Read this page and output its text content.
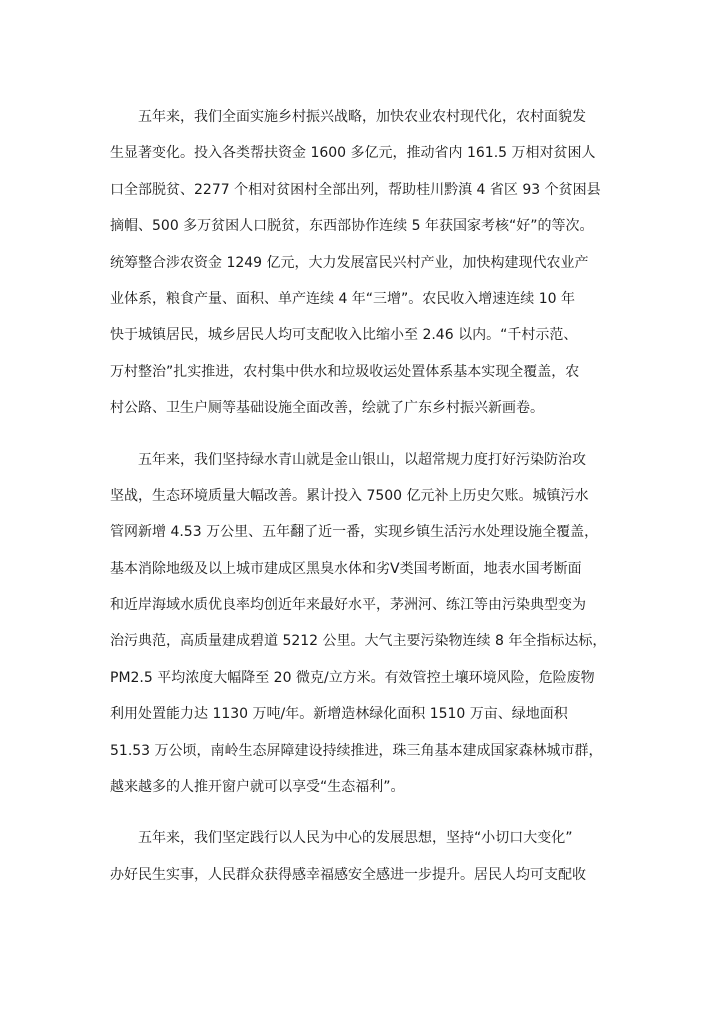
五年来，我们全面实施乡村振兴战略，加快农业农村现代化，农村面貌发
生显著变化。投入各类帮扶资金 1600 多亿元，推动省内 161.5 万相对贫困人
口全部脱贫、2277 个相对贫困村全部出列，帮助桂川黔滇 4 省区 93 个贫困县
摘帽、500 多万贫困人口脱贫，东西部协作连续 5 年获国家考核“好”的等次。
统筹整合涉农资金 1249 亿元，大力发展富民兴村产业，加快构建现代农业产
业体系，粮食产量、面积、单产连续 4 年“三增”。农民收入增速连续 10 年
快于城镇居民，城乡居民人均可支配收入比缩小至 2.46 以内。“千村示范、
万村整治”扎实推进，农村集中供水和垃圾收运处置体系基本实现全覆盖，农
村公路、卫生户厕等基础设施全面改善，绘就了广东乡村振兴新画卷。
五年来，我们坚持绿水青山就是金山银山，以超常规力度打好污染防治攻
坚战，生态环境质量大幅改善。累计投入 7500 亿元补上历史欠账。城镇污水
管网新增 4.53 万公里、五年翻了近一番，实现乡镇生活污水处理设施全覆盖，
基本消除地级及以上城市建成区黑臭水体和劣Ⅴ类国考断面，地表水国考断面
和近岸海域水质优良率均创近年来最好水平，茅洲河、练江等由污染典型变为
治污典范，高质量建成碧道 5212 公里。大气主要污染物连续 8 年全指标达标，
PM2.5 平均浓度大幅降至 20 微克/立方米。有效管控土壤环境风险，危险废物
利用处置能力达 1130 万吨/年。新增造林绿化面积 1510 万亩、绿地面积
51.53 万公顷，南岭生态屏障建设持续推进，珠三角基本建成国家森林城市群，
越来越多的人推开窗户就可以享受“生态福利”。
五年来，我们坚定践行以人民为中心的发展思想，坚持“小切口大变化”
办好民生实事，人民群众获得感幸福感安全感进一步提升。居民人均可支配收
